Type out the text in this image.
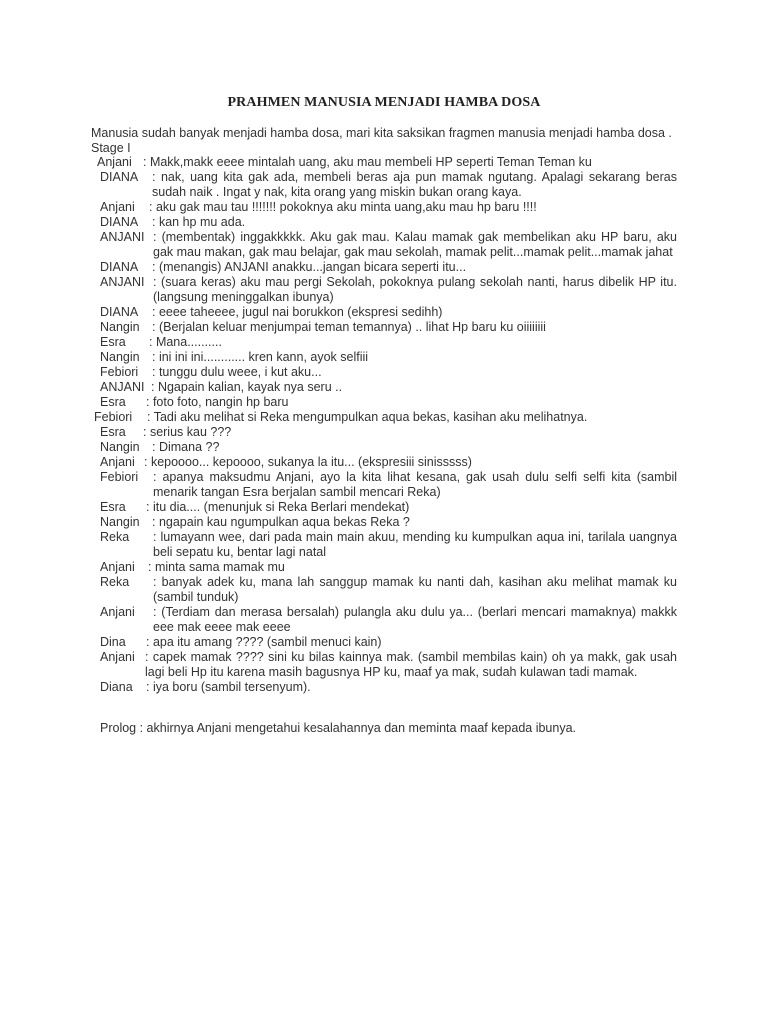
PRAHMEN MANUSIA MENJADI HAMBA DOSA
Manusia sudah banyak menjadi hamba dosa, mari kita saksikan fragmen manusia menjadi hamba dosa .
Stage I
Anjani : Makk,makk eeee mintalah uang, aku mau membeli HP seperti Teman Teman ku
DIANA	: nak, uang kita gak ada, membeli beras aja pun mamak ngutang. Apalagi sekarang beras sudah naik . Ingat y nak, kita orang yang miskin bukan orang kaya.
Anjani	: aku gak mau tau !!!!!!! pokoknya aku minta uang,aku mau hp baru !!!!
DIANA	: kan hp mu ada.
ANJANI : (membentak) inggakkkkk. Aku gak mau. Kalau mamak gak membelikan aku HP baru, aku gak mau makan, gak mau belajar, gak mau sekolah, mamak pelit...mamak pelit...mamak jahat
DIANA	: (menangis) ANJANI anakku...jangan bicara seperti itu...
ANJANI : (suara keras) aku mau pergi Sekolah, pokoknya pulang sekolah nanti, harus dibelik HP itu. (langsung meninggalkan ibunya)
DIANA	: eeee taheeee, jugul nai borukkon (ekspresi sedihh)
Nangin : (Berjalan keluar menjumpai teman temannya) .. lihat Hp baru ku oiiiiiiii
Esra	: Mana..........
Nangin : ini ini ini............ kren kann, ayok selfiii
Febiori	: tunggu dulu weee, i kut aku...
ANJANI : Ngapain kalian, kayak nya seru ..
Esra	: foto foto, nangin hp baru
Febiori	: Tadi aku melihat si Reka mengumpulkan aqua bekas, kasihan aku melihatnya.
Esra	: serius kau ???
Nangin : Dimana ??
Anjani : kepoooo... kepoooo, sukanya la itu... (ekspresiii sinisssss)
Febiori	: apanya maksudmu Anjani, ayo la kita lihat kesana, gak usah dulu selfi selfi kita (sambil menarik tangan Esra berjalan sambil mencari Reka)
Esra	: itu dia.... (menunjuk si Reka Berlari mendekat)
Nangin : ngapain kau ngumpulkan aqua bekas Reka ?
Reka	: lumayann wee, dari pada main main akuu, mending ku kumpulkan aqua ini, tarilala uangnya beli sepatu ku, bentar lagi natal
Anjani	: minta sama mamak mu
Reka	: banyak adek ku, mana lah sanggup mamak ku nanti dah, kasihan aku melihat mamak ku (sambil tunduk)
Anjani	: (Terdiam dan merasa bersalah) pulangla aku dulu ya... (berlari mencari mamaknya) makkk eee mak eeee mak eeee
Dina	: apa itu amang ???? (sambil menuci kain)
Anjani : capek mamak ???? sini ku bilas kainnya mak. (sambil membilas kain) oh ya makk, gak usah lagi beli Hp itu karena masih bagusnya HP ku, maaf ya mak, sudah kulawan tadi mamak.
Diana	: iya boru (sambil tersenyum).
Prolog : akhirnya Anjani mengetahui kesalahannya dan meminta maaf kepada ibunya.
